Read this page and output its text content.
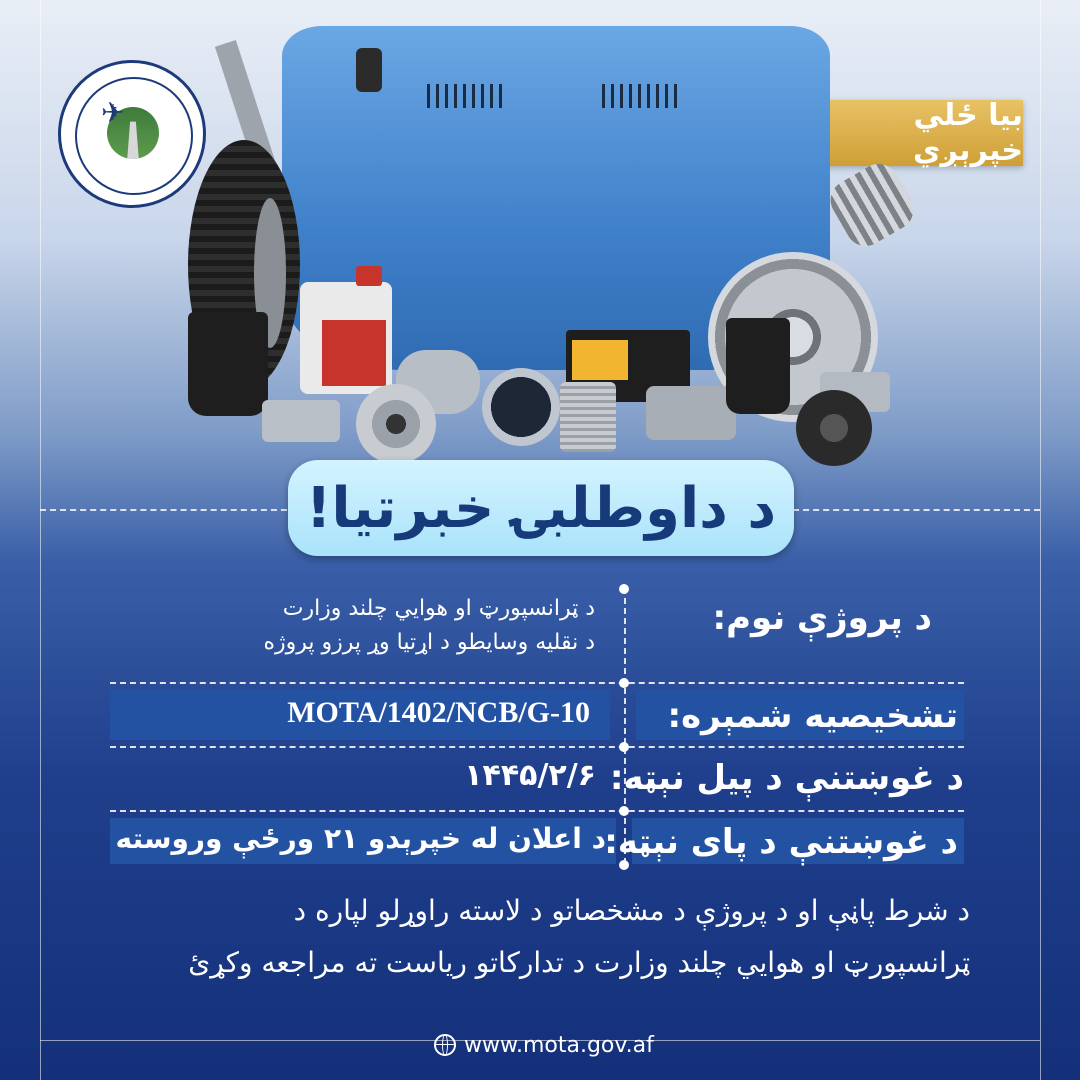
✈	بیا ځلي خپرېږي
د داوطلبۍ خبرتیا!
د پروژې نوم:
د ټرانسپورټ او هوايي چلند وزارت
د نقلیه وسایطو د اړتیا وړ پرزو پروژه
تشخیصیه شمېره:
MOTA/1402/NCB/G-10
د غوښتنې د پیل نېټه:
۱۴۴۵/۲/۶
د غوښتنې د پای نېټه:
د اعلان له خپرېدو ۲۱ ورځې وروسته
د شرط پاڼې او د پروژې د مشخصاتو د لاسته راوړلو لپاره د
ټرانسپورټ او هوايي چلند وزارت د تدارکاتو ریاست ته مراجعه وکړئ
www.mota.gov.af
